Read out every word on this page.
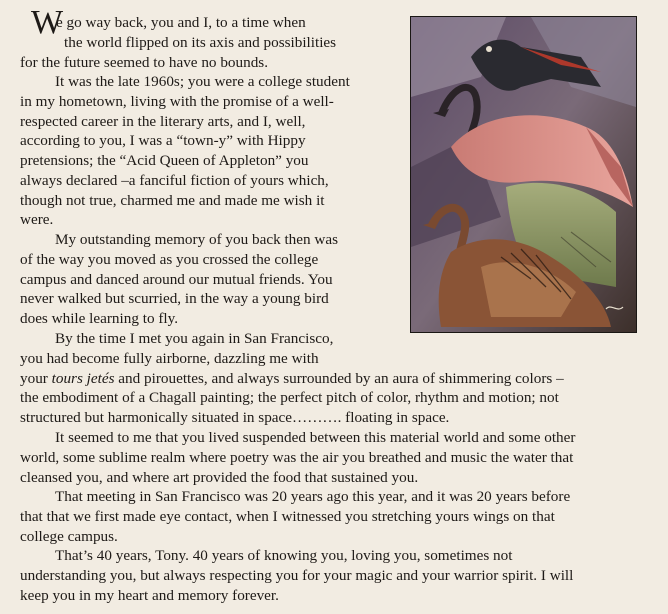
W
e go way back, you and I, to a time when
the world flipped on its axis and possibilities
for the future seemed to have no bounds.
It was the late 1960s; you were a college student
in my hometown, living with the promise of a well-
respected career in the literary arts, and I, well,
according to you, I was a “town-y” with Hippy
pretensions; the “Acid Queen of Appleton” you
always declared –a fanciful fiction of yours which,
though not true, charmed me and made me wish it
were.
My outstanding memory of you back then was
of the way you moved as you crossed the college
campus and danced around our mutual friends. You
never walked but scurried, in the way a young bird
does while learning to fly.
By the time I met you again in San Francisco,
you had become fully airborne, dazzling me with
your tours jetés and pirouettes, and always surrounded by an aura of shimmering colors –
the embodiment of a Chagall painting; the perfect pitch of color, rhythm and motion; not
structured but harmonically situated in space………. floating in space.
It seemed to me that you lived suspended between this material world and some other
world, some sublime realm where poetry was the air you breathed and music the water that
cleansed you, and where art provided the food that sustained you.
That meeting in San Francisco was 20 years ago this year, and it was 20 years before
that that we first made eye contact, when I witnessed you stretching yours wings on that
college campus.
That’s 40 years, Tony. 40 years of knowing you, loving you, sometimes not
understanding you, but always respecting you for your magic and your warrior spirit. I will
keep you in my heart and memory forever.
